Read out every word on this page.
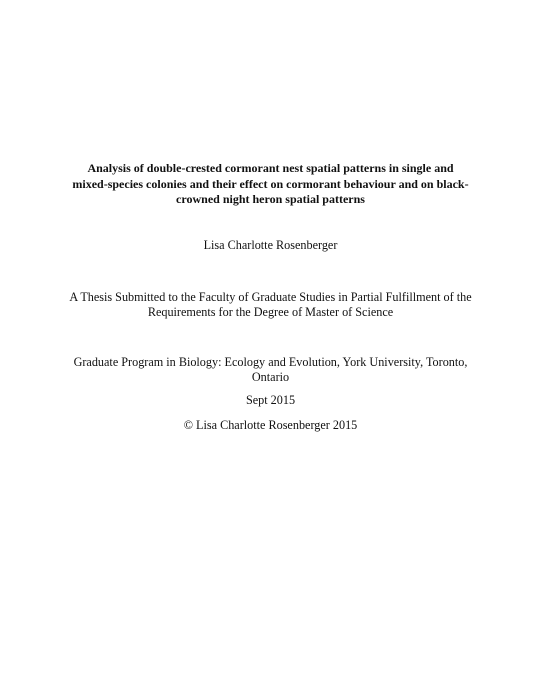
Analysis of double-crested cormorant nest spatial patterns in single and
mixed-species colonies and their effect on cormorant behaviour and on black-
crowned night heron spatial patterns
Lisa Charlotte Rosenberger
A Thesis Submitted to the Faculty of Graduate Studies in Partial Fulfillment of the
Requirements for the Degree of Master of Science
Graduate Program in Biology: Ecology and Evolution, York University, Toronto,
Ontario
Sept 2015
© Lisa Charlotte Rosenberger 2015
